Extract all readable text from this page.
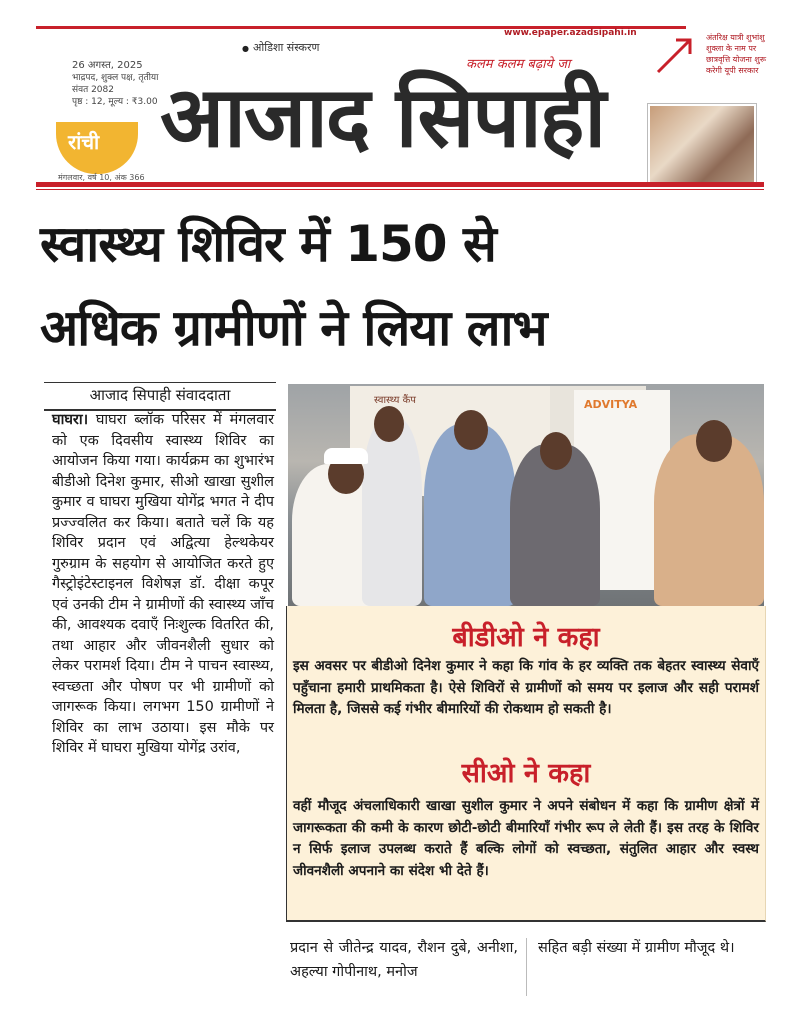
● ओडिशा संस्करण
www.epaper.azadsipahi.in
कलम कलम बढ़ाये जा
आजाद सिपाही
26 अगस्त, 2025
भाद्रपद, शुक्ल पक्ष, तृतीया
संवत 2082
पृष्ठ : 12, मूल्य : ₹3.00
रांची
मंगलवार, वर्ष 10, अंक 366
अंतरिक्ष यात्री शुभांशु शुक्ला के नाम पर छात्रवृत्ति योजना शुरू करेगी यूपी सरकार
स्वास्थ्य शिविर में 150 से
अधिक ग्रामीणों ने लिया लाभ
आजाद सिपाही संवाददाता
घाघरा। घाघरा ब्लॉक परिसर में मंगलवार को एक दिवसीय स्वास्थ्य शिविर का आयोजन किया गया। कार्यक्रम का शुभारंभ बीडीओ दिनेश कुमार, सीओ खाखा सुशील कुमार व घाघरा मुखिया योगेंद्र भगत ने दीप प्रज्ज्वलित कर किया। बताते चलें कि यह शिविर प्रदान एवं अद्वित्या हेल्थकेयर गुरुग्राम के सहयोग से आयोजित करते हुए गैस्ट्रोइंटेस्टाइनल विशेषज्ञ डॉ. दीक्षा कपूर एवं उनकी टीम ने ग्रामीणों की स्वास्थ्य जाँच की, आवश्यक दवाएँ निःशुल्क वितरित की, तथा आहार और जीवनशैली सुधार को लेकर परामर्श दिया। टीम ने पाचन स्वास्थ्य, स्वच्छता और पोषण पर भी ग्रामीणों को जागरूक किया। लगभग 150 ग्रामीणों ने शिविर का लाभ उठाया। इस मौके पर शिविर में घाघरा मुखिया योगेंद्र उरांव,
स्वास्थ्य कैंप	ADVITYA
बीडीओ ने कहा
इस अवसर पर बीडीओ दिनेश कुमार ने कहा कि गांव के हर व्यक्ति तक बेहतर स्वास्थ्य सेवाएँ पहुँचाना हमारी प्राथमिकता है। ऐसे शिविरों से ग्रामीणों को समय पर इलाज और सही परामर्श मिलता है, जिससे कई गंभीर बीमारियों की रोकथाम हो सकती है।
सीओ ने कहा
वहीं मौजूद अंचलाधिकारी खाखा सुशील कुमार ने अपने संबोधन में कहा कि ग्रामीण क्षेत्रों में जागरूकता की कमी के कारण छोटी-छोटी बीमारियाँ गंभीर रूप ले लेती हैं। इस तरह के शिविर न सिर्फ इलाज उपलब्ध कराते हैं बल्कि लोगों को स्वच्छता, संतुलित आहार और स्वस्थ जीवनशैली अपनाने का संदेश भी देते हैं।
प्रदान से जीतेन्द्र यादव, रौशन दुबे, अनीशा, अहल्या गोपीनाथ, मनोज
सहित बड़ी संख्या में ग्रामीण मौजूद थे।
